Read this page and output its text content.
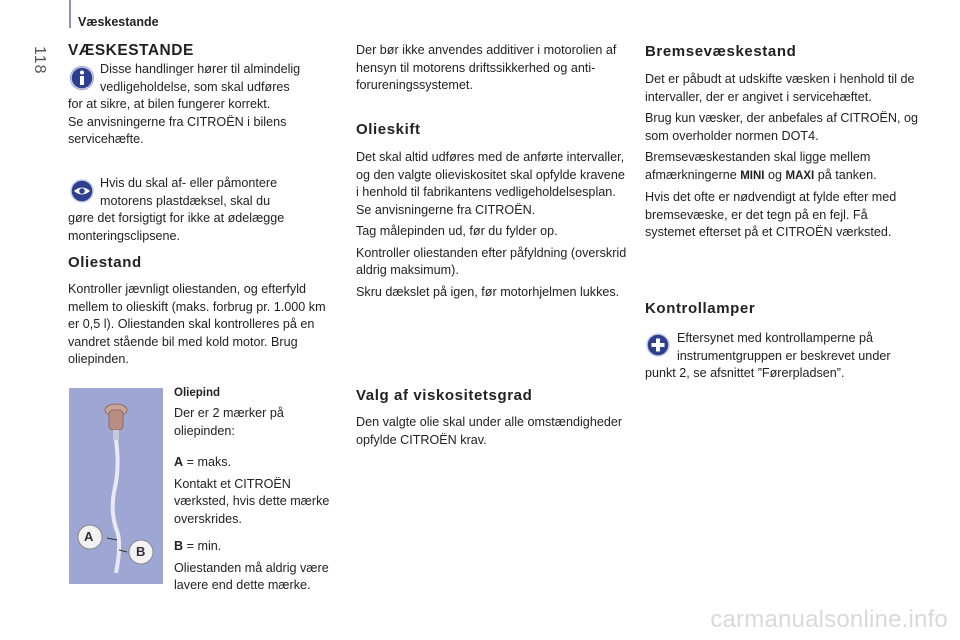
Væskestande
118 VÆSKESTANDE
Disse handlinger hører til almindelig
vedligeholdelse, som skal udføres
for at sikre, at bilen fungerer korrekt.
Se anvisningerne fra CITROËN i bilens
servicehæfte.
Hvis du skal af- eller påmontere
motorens plastdæksel, skal du
gøre det forsigtigt for ikke at ødelægge
monteringsclipsene.
Oliestand
Kontroller jævnligt oliestanden, og efterfyld mellem to olieskift (maks. forbrug pr. 1.000 km er 0,5 l). Oliestanden skal kontrolleres på en vandret stående bil med kold motor. Brug oliepinden.
A
B
Oliepind

Der er 2 mærker på oliepinden:

A = maks.

Kontakt et CITROËN værksted, hvis dette mærke overskrides.

B = min.

Oliestanden må aldrig være lavere end dette mærke.

Der bør ikke anvendes additiver i motorolien af hensyn til motorens driftssikkerhed og anti-forureningssystemet.
Olieskift

Det skal altid udføres med de anførte intervaller, og den valgte olieviskositet skal opfylde kravene i henhold til fabrikantens vedligeholdelsesplan. Se anvisningerne fra CITROËN.

Tag målepinden ud, før du fylder op.

Kontroller oliestanden efter påfyldning (overskrid aldrig maksimum).

Skru dækslet på igen, før motorhjelmen lukkes.

Valg af viskositetsgrad
Den valgte olie skal under alle omstændigheder opfylde CITROËN krav.
Bremsevæskestand

Det er påbudt at udskifte væsken i henhold til de intervaller, der er angivet i servicehæftet.

Brug kun væsker, der anbefales af CITROËN, og som overholder normen DOT4.

Bremsevæskestanden skal ligge mellem afmærkningerne MINI og MAXI på tanken.

Hvis det ofte er nødvendigt at fylde efter med bremsevæske, er det tegn på en fejl. Få systemet efterset på et CITROËN værksted.

Kontrollamper
Eftersynet med kontrollamperne på
instrumentgruppen er beskrevet under
punkt 2, se afsnittet ”Førerpladsen”.
carmanualsonline.info
